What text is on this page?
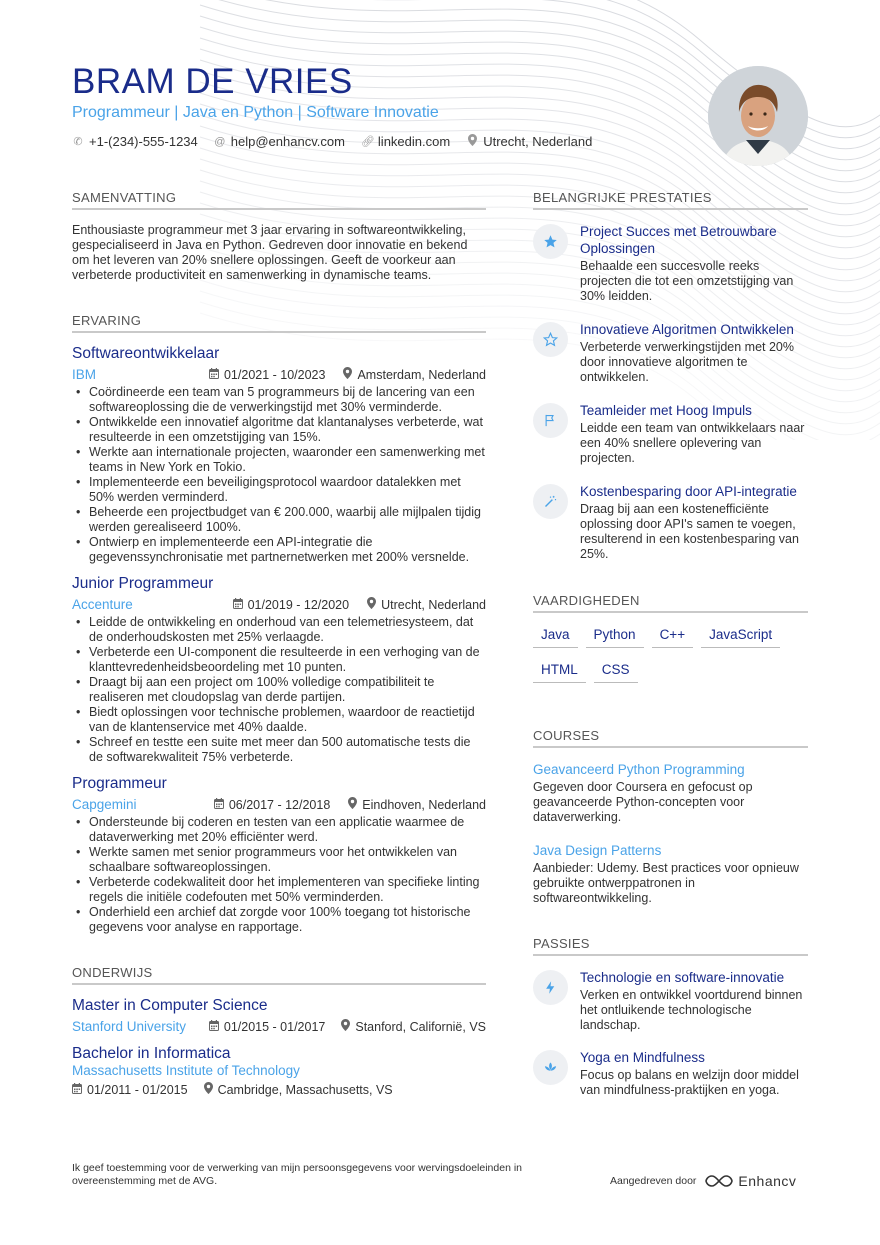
BRAM DE VRIES
Programmeur | Java en Python | Software Innovatie
✆ +1-(234)-555-1234 @ help@enhancv.com 🔗︎ linkedin.com	Utrecht, Nederland
SAMENVATTING
Enthousiaste programmeur met 3 jaar ervaring in softwareontwikkeling, gespecialiseerd in Java en Python. Gedreven door innovatie en bekend om het leveren van 20% snellere oplossingen. Geeft de voorkeur aan verbeterde productiviteit en samenwerking in dynamische teams.
ERVARING
Softwareontwikkelaar
IBM	01/2021 - 10/2023	Amsterdam, Nederland
• Coördineerde een team van 5 programmeurs bij de lancering van een softwareoplossing die de verwerkingstijd met 30% verminderde.
• Ontwikkelde een innovatief algoritme dat klantanalyses verbeterde, wat resulteerde in een omzetstijging van 15%.
• Werkte aan internationale projecten, waaronder een samenwerking met teams in New York en Tokio.
• Implementeerde een beveiligingsprotocol waardoor datalekken met 50% werden verminderd.
• Beheerde een projectbudget van € 200.000, waarbij alle mijlpalen tijdig werden gerealiseerd 100%.
• Ontwierp en implementeerde een API-integratie die gegevenssynchronisatie met partnernetwerken met 200% versnelde.
Junior Programmeur
Accenture	01/2019 - 12/2020	Utrecht, Nederland
• Leidde de ontwikkeling en onderhoud van een telemetriesysteem, dat de onderhoudskosten met 25% verlaagde.
• Verbeterde een UI-component die resulteerde in een verhoging van de klanttevredenheidsbeoordeling met 10 punten.
• Draagt bij aan een project om 100% volledige compatibiliteit te realiseren met cloudopslag van derde partijen.
• Biedt oplossingen voor technische problemen, waardoor de reactietijd van de klantenservice met 40% daalde.
• Schreef en testte een suite met meer dan 500 automatische tests die de softwarekwaliteit 75% verbeterde.
Programmeur
Capgemini	06/2017 - 12/2018	Eindhoven, Nederland
• Ondersteunde bij coderen en testen van een applicatie waarmee de dataverwerking met 20% efficiënter werd.
• Werkte samen met senior programmeurs voor het ontwikkelen van schaalbare softwareoplossingen.
• Verbeterde codekwaliteit door het implementeren van specifieke linting regels die initiële codefouten met 50% verminderden.
• Onderhield een archief dat zorgde voor 100% toegang tot historische gegevens voor analyse en rapportage.
ONDERWIJS
Master in Computer Science
Stanford University	01/2015 - 01/2017 Stanford, Californië, VS
Bachelor in Informatica
Massachusetts Institute of Technology
01/2011 - 01/2015 Cambridge, Massachusetts, VS
BELANGRIJKE PRESTATIES
Project Succes met Betrouwbare Oplossingen
Behaalde een succesvolle reeks projecten die tot een omzetstijging van 30% leidden.
Innovatieve Algoritmen Ontwikkelen
Verbeterde verwerkingstijden met 20% door innovatieve algoritmen te ontwikkelen.
Teamleider met Hoog Impuls
Leidde een team van ontwikkelaars naar een 40% snellere oplevering van projecten.
Kostenbesparing door API-integratie
Draag bij aan een kostenefficiënte oplossing door API's samen te voegen, resulterend in een kostenbesparing van 25%.
VAARDIGHEDEN
Java	Python	C++	JavaScript
HTML	CSS
COURSES
Geavanceerd Python Programming
Gegeven door Coursera en gefocust op geavanceerde Python-concepten voor dataverwerking.
Java Design Patterns
Aanbieder: Udemy. Best practices voor opnieuw gebruikte ontwerppatronen in softwareontwikkeling.
PASSIES
Technologie en software-innovatie
Verken en ontwikkel voortdurend binnen het ontluikende technologische landschap.
Yoga en Mindfulness
Focus op balans en welzijn door middel van mindfulness-praktijken en yoga.
Ik geef toestemming voor de verwerking van mijn persoonsgegevens voor wervingsdoeleinden in overeenstemming met de AVG.	Aangedreven door	Enhancv
